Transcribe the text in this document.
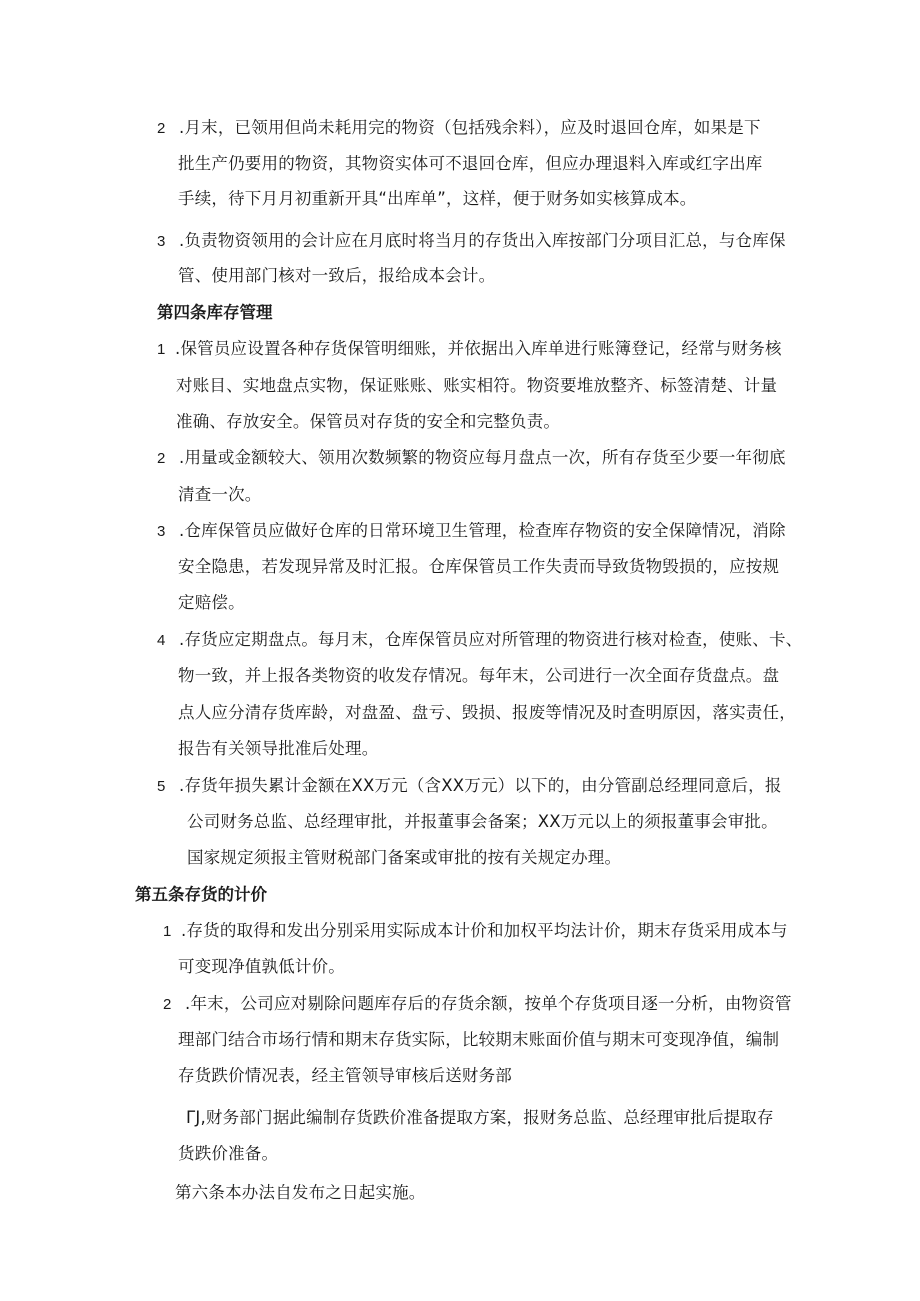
2 .月末，已领用但尚未耗用完的物资（包括残余料），应及时退回仓库，如果是下
批生产仍要用的物资，其物资实体可不退回仓库，但应办理退料入库或红字出库
手续，待下月月初重新开具“出库单”，这样，便于财务如实核算成本。
3 .负责物资领用的会计应在月底时将当月的存货出入库按部门分项目汇总，与仓库保
管、使用部门核对一致后，报给成本会计。
第四条库存管理
1 .保管员应设置各种存货保管明细账，并依据出入库单进行账簿登记，经常与财务核
对账目、实地盘点实物，保证账账、账实相符。物资要堆放整齐、标签清楚、计量
准确、存放安全。保管员对存货的安全和完整负责。
2 .用量或金额较大、领用次数频繁的物资应每月盘点一次，所有存货至少要一年彻底
清查一次。
3 .仓库保管员应做好仓库的日常环境卫生管理，检查库存物资的安全保障情况，消除
安全隐患，若发现异常及时汇报。仓库保管员工作失责而导致货物毁损的，应按规
定赔偿。
4 .存货应定期盘点。每月末，仓库保管员应对所管理的物资进行核对检查，使账、卡、
物一致，并上报各类物资的收发存情况。每年末，公司进行一次全面存货盘点。盘
点人应分清存货库龄，对盘盈、盘亏、毁损、报废等情况及时查明原因，落实责任，
报告有关领导批准后处理。
5 .存货年损失累计金额在XX万元（含XX万元）以下的，由分管副总经理同意后，报
公司财务总监、总经理审批，并报董事会备案；XX万元以上的须报董事会审批。
国家规定须报主管财税部门备案或审批的按有关规定办理。
第五条存货的计价
1 .存货的取得和发出分别采用实际成本计价和加权平均法计价，期末存货采用成本与
可变现净值孰低计价。
2 .年末，公司应对剔除问题库存后的存货余额，按单个存货项目逐一分析，由物资管
理部门结合市场行情和期末存货实际，比较期末账面价值与期末可变现净值，编制
存货跌价情况表，经主管领导审核后送财务部
ΓJ,财务部门据此编制存货跌价准备提取方案，报财务总监、总经理审批后提取存
货跌价准备。
第六条本办法自发布之日起实施。
